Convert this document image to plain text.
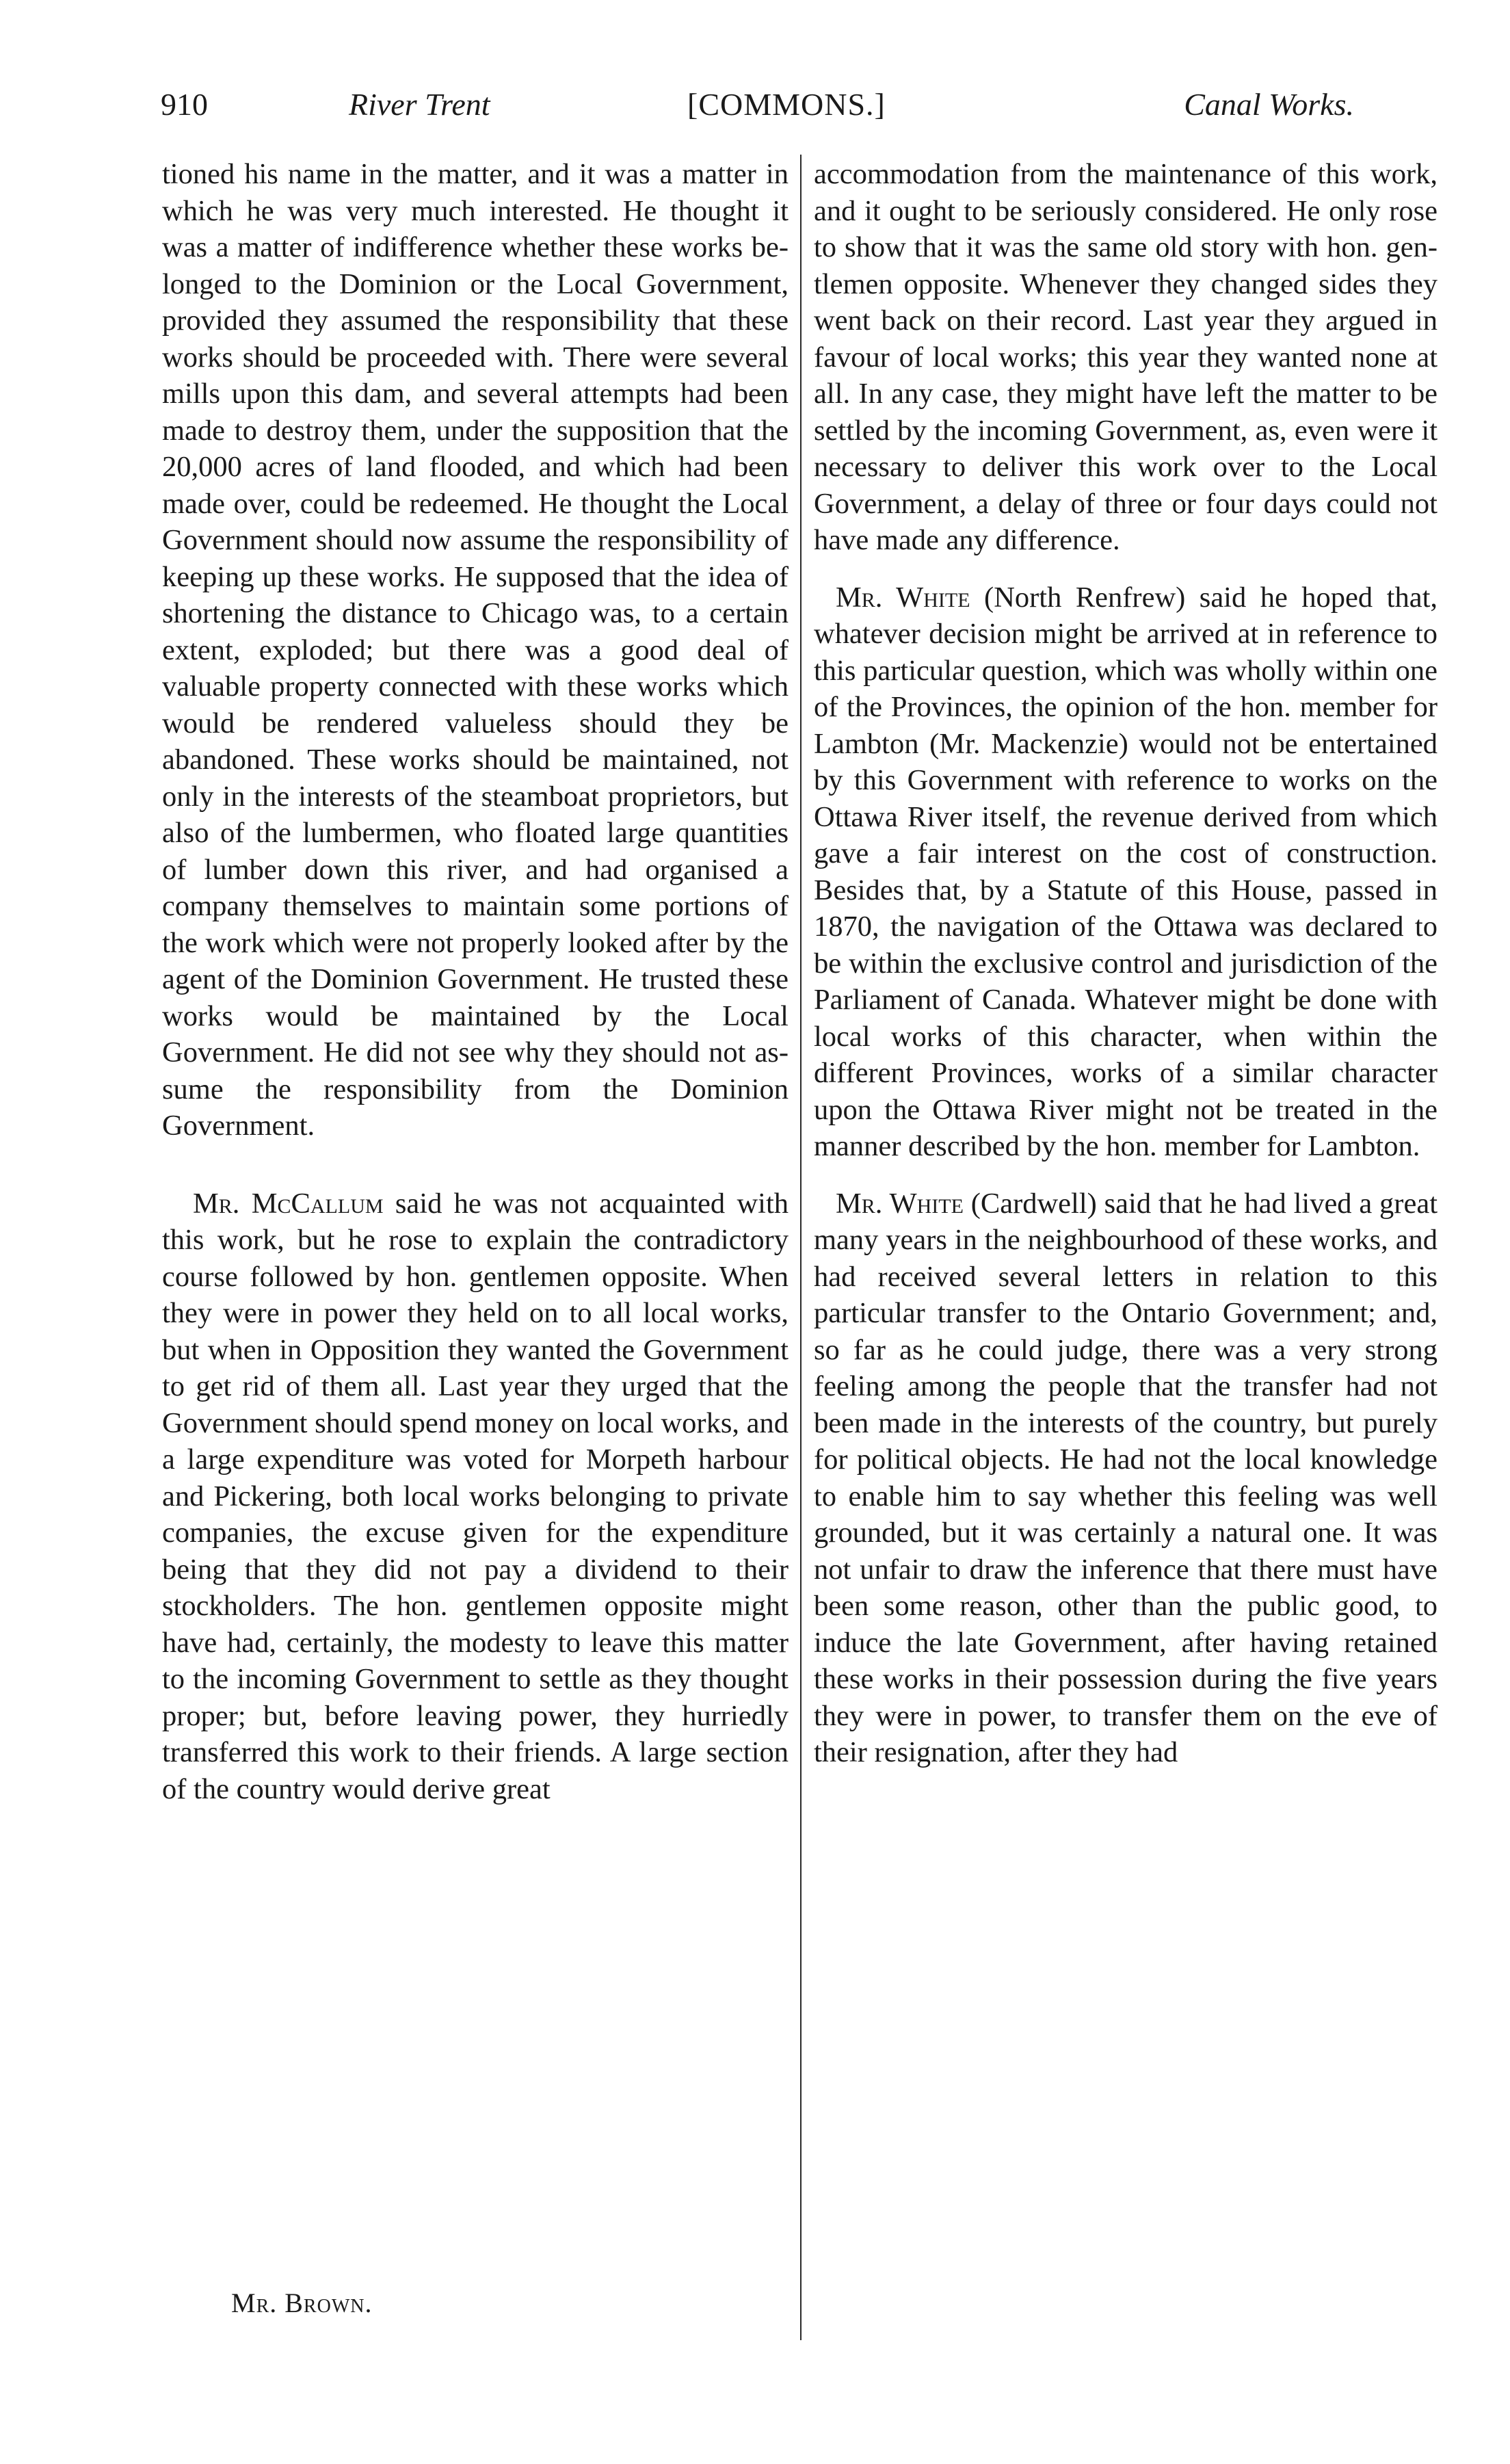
910	River Trent	[COMMONS.]	Canal Works.

tioned his name in the matter, and it was a matter in which he was very much interested. He thought it was a matter of indifference whether these works belonged to the Dominion or the Local Government, provided they assumed the responsibility that these works should be proceeded with. There were several mills upon this dam, and several attempts had been made to destroy them, under the supposition that the 20,000 acres of land flooded, and which had been made over, could be redeemed. He thought the Local Government should now assume the responsibility of keeping up these works. He supposed that the idea of shortening the distance to Chicago was, to a certain extent, exploded; but there was a good deal of valuable property connected with these works which would be rendered valueless should they be abandoned. These works should be maintained, not only in the interests of the steamboat proprietors, but also of the lumbermen, who floated large quantities of lumber down this river, and had organised a company themselves to maintain some portions of the work which were not properly looked after by the agent of the Dominion Government. He trusted these works would be maintained by the Local Government. He did not see why they should not assume the responsibility from the Dominion Government.

Mr. McCallum said he was not acquainted with this work, but he rose to explain the contradictory course followed by hon. gentlemen opposite. When they were in power they held on to all local works, but when in Opposition they wanted the Government to get rid of them all. Last year they urged that the Government should spend money on local works, and a large expenditure was voted for Morpeth harbour and Pickering, both local works belonging to private companies, the excuse given for the expenditure being that they did not pay a dividend to their stockholders. The hon. gentlemen opposite might have had, certainly, the modesty to leave this matter to the incoming Government to settle as they thought proper; but, before leaving power, they hurriedly transferred this work to their friends. A large section of the country would derive great

accommodation from the maintenance of this work, and it ought to be seriously considered. He only rose to show that it was the same old story with hon. gentlemen opposite. Whenever they changed sides they went back on their record. Last year they argued in favour of local works; this year they wanted none at all. In any case, they might have left the matter to be settled by the incoming Government, as, even were it necessary to deliver this work over to the Local Government, a delay of three or four days could not have made any difference.

Mr. White (North Renfrew) said he hoped that, whatever decision might be arrived at in reference to this particular question, which was wholly within one of the Provinces, the opinion of the hon. member for Lambton (Mr. Mackenzie) would not be entertained by this Government with reference to works on the Ottawa River itself, the revenue derived from which gave a fair interest on the cost of construction. Besides that, by a Statute of this House, passed in 1870, the navigation of the Ottawa was declared to be within the exclusive control and jurisdiction of the Parliament of Canada. Whatever might be done with local works of this character, when within the different Provinces, works of a similar character upon the Ottawa River might not be treated in the manner described by the hon. member for Lambton.

Mr. White (Cardwell) said that he had lived a great many years in the neighbourhood of these works, and had received several letters in relation to this particular transfer to the Ontario Government; and, so far as he could judge, there was a very strong feeling among the people that the transfer had not been made in the interests of the country, but purely for political objects. He had not the local knowledge to enable him to say whether this feeling was well grounded, but it was certainly a natural one. It was not unfair to draw the inference that there must have been some reason, other than the public good, to induce the late Government, after having retained these works in their possession during the five years they were in power, to transfer them on the eve of their resignation, after they had

Mr. Brown.
